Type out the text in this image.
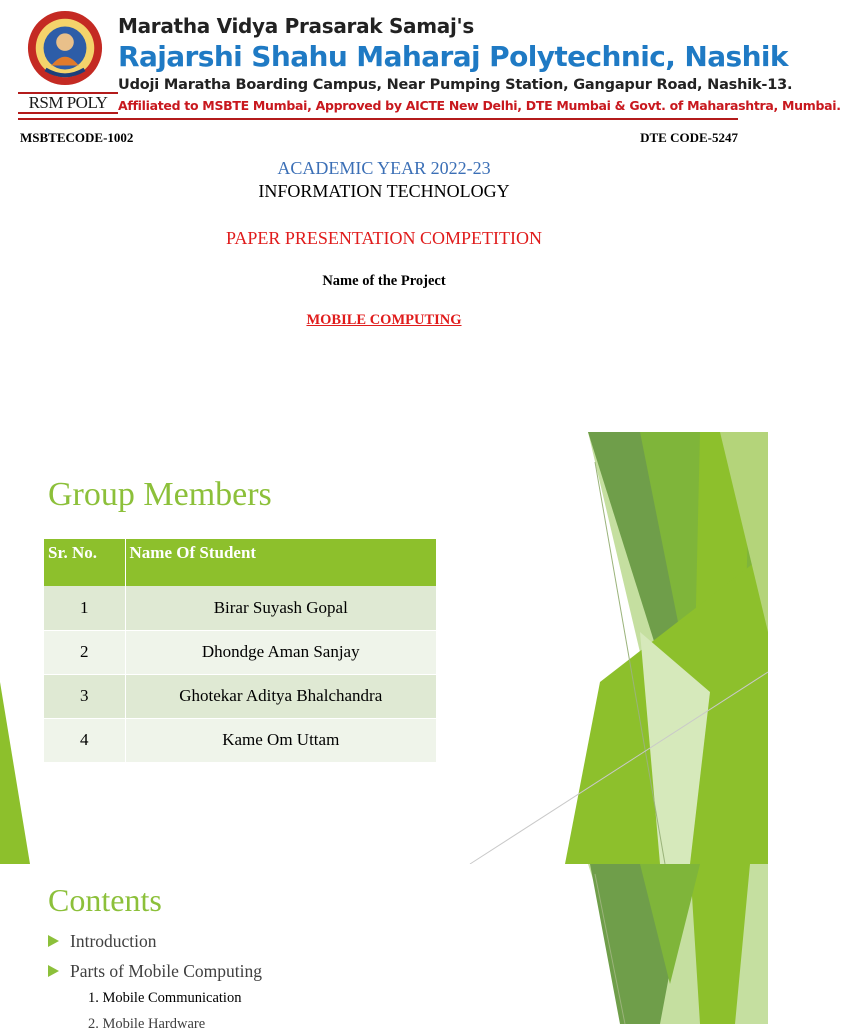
RSM POLY
Maratha Vidya Prasarak Samaj's
Rajarshi Shahu Maharaj Polytechnic, Nashik
Udoji Maratha Boarding Campus, Near Pumping Station, Gangapur Road, Nashik-13.
Affiliated to MSBTE Mumbai, Approved by AICTE New Delhi, DTE Mumbai & Govt. of Maharashtra, Mumbai.
MSBTECODE-1002	DTE CODE-5247
ACADEMIC YEAR 2022-23
INFORMATION TECHNOLOGY
PAPER PRESENTATION COMPETITION
Name of the Project
MOBILE COMPUTING
Group Members
Sr. No.	Name Of Student
1	Birar Suyash Gopal
2	Dhondge Aman Sanjay
3	Ghotekar Aditya Bhalchandra
4	Kame Om Uttam
Contents
Introduction
Parts of Mobile Computing
1. Mobile Communication
2. Mobile Hardware
